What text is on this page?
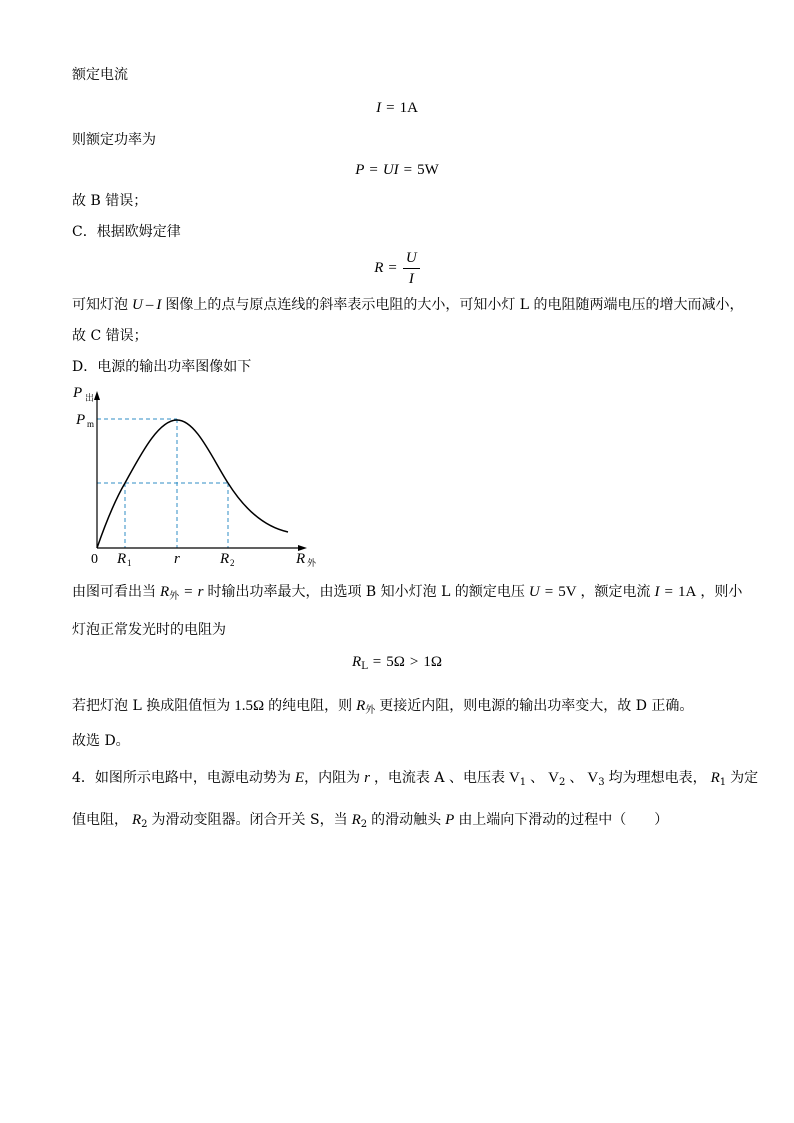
额定电流
I = 1A
则额定功率为
P = UI = 5W
故 B 错误；
C．根据欧姆定律
$R = \frac{U}{I}$
可知灯泡 U – I 图像上的点与原点连线的斜率表示电阻的大小，可知小灯 L 的电阻随两端电压的增大而减小，
故 C 错误；
D．电源的输出功率图像如下
P 出
P m
0 R 1	r	R 2	R 外
由图可看出当 R 外 = r 时输出功率最大，由选项 B 知小灯泡 L 的额定电压 U = 5V ，额定电流 I = 1A ，则小
灯泡正常发光时的电阻为
R L = 5Ω > 1Ω
若把灯泡 L 换成阻值恒为 1.5Ω 的纯电阻，则 R 外 更接近内阻，则电源的输出功率变大，故 D 正确。
故选 D。
4． 如图所示电路中，电源电动势为 E ，内阻为 r ，电流表 A 、电压表 V 1 、 V 2 、 V 3 均为理想电表， R 1 为定
值电阻， R 2 为滑动变阻器。闭合开关 S，当 R 2 的滑动触头 P 由上端向下滑动的过程中（　　）
